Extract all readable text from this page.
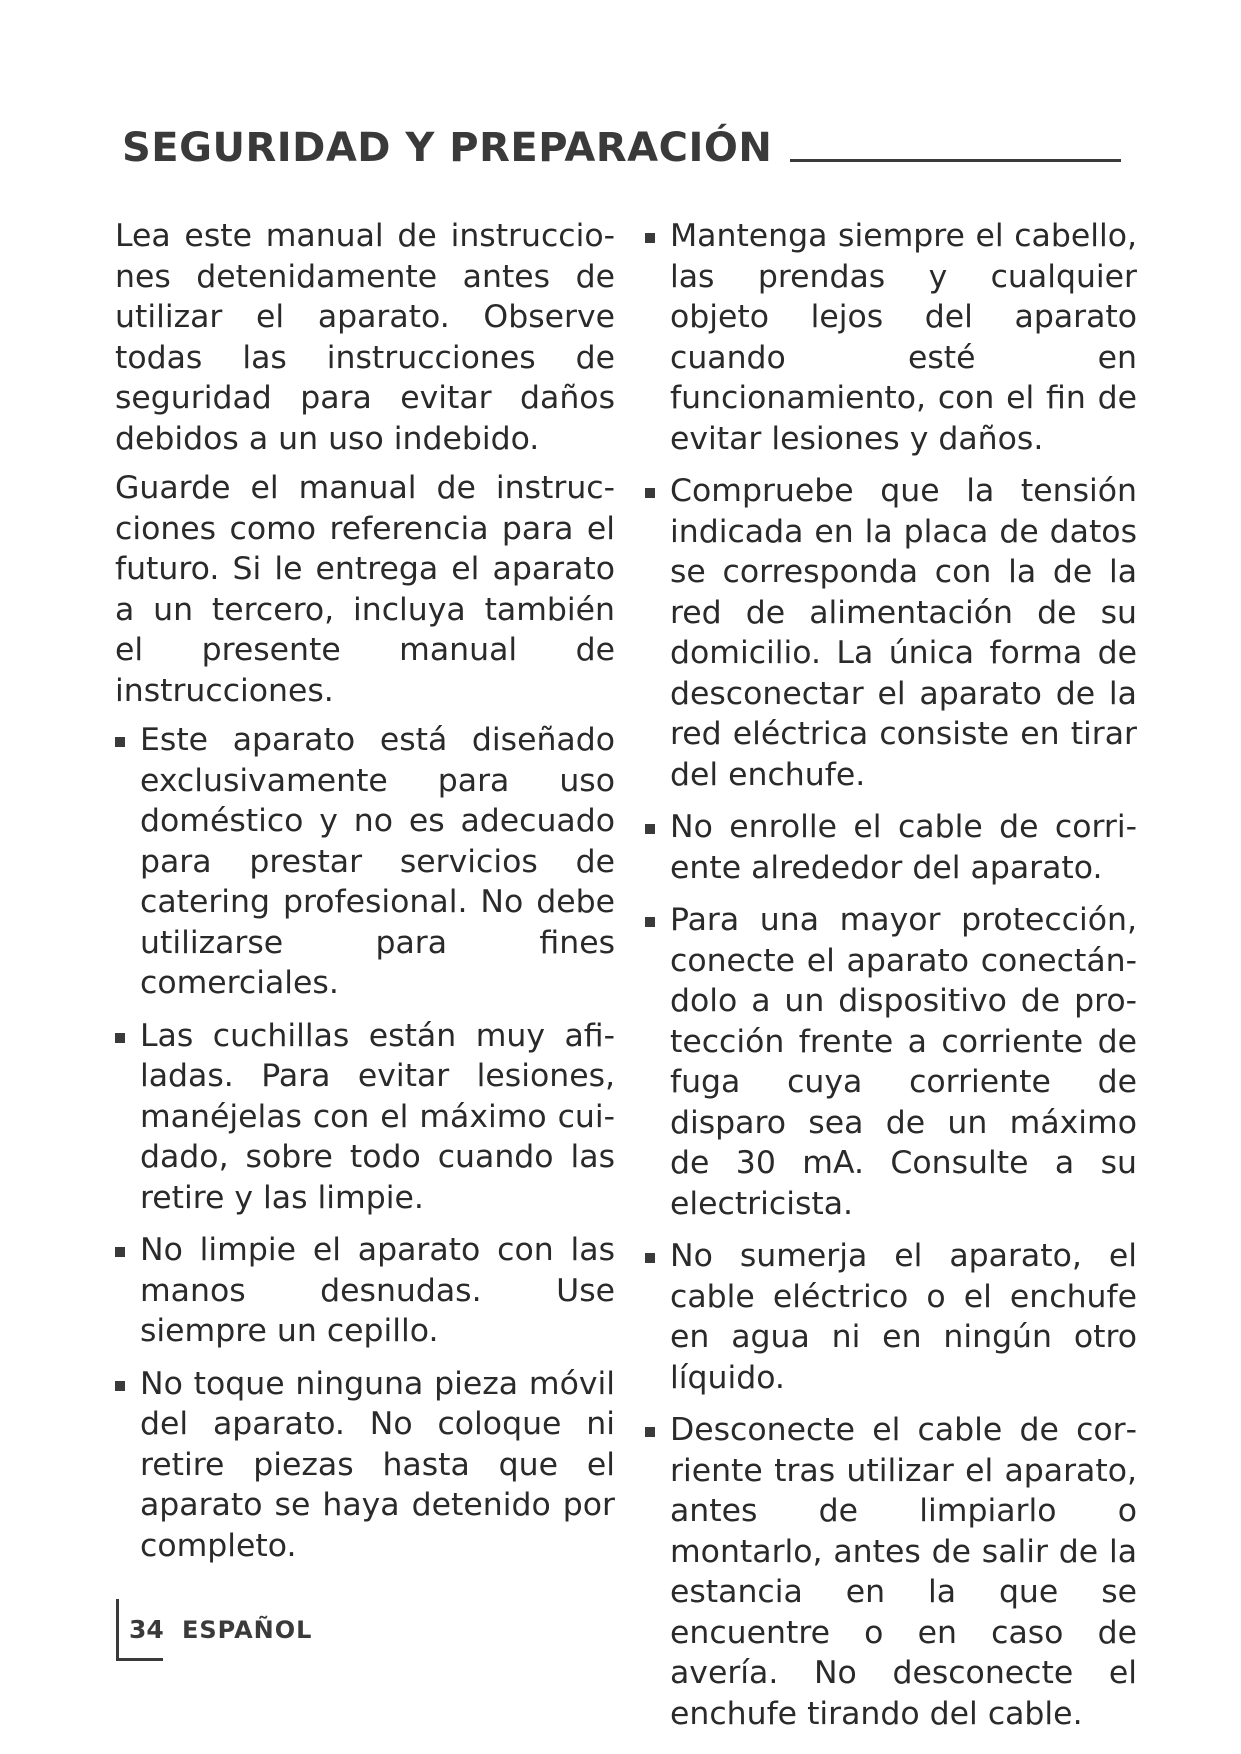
SEGURIDAD Y PREPARACIÓN

Lea este manual de instrucciones detenidamente antes de utilizar el aparato. Observe todas las instrucciones de seguridad para evitar daños debidos a un uso indebido.

Guarde el manual de instrucciones como referencia para el futuro. Si le entrega el aparato a un tercero, incluya también el presente manual de instrucciones.

Este aparato está diseñado exclusivamente para uso doméstico y no es adecuado para prestar servicios de catering profesional. No debe utilizarse para fines comerciales.
Las cuchillas están muy afiladas. Para evitar lesiones, manéjelas con el máximo cuidado, sobre todo cuando las retire y las limpie.
No limpie el aparato con las manos desnudas. Use siempre un cepillo.
No toque ninguna pieza móvil del aparato. No coloque ni retire piezas hasta que el aparato se haya detenido por completo.
Mantenga siempre el cabello, las prendas y cualquier objeto lejos del aparato cuando esté en funcionamiento, con el fin de evitar lesiones y daños.
Compruebe que la tensión indicada en la placa de datos se corresponda con la de la red de alimentación de su domicilio. La única forma de desconectar el aparato de la red eléctrica consiste en tirar del enchufe.
No enrolle el cable de corriente alrededor del aparato.
Para una mayor protección, conecte el aparato conectándolo a un dispositivo de protección frente a corriente de fuga cuya corriente de disparo sea de un máximo de 30 mA. Consulte a su electricista.
No sumerja el aparato, el cable eléctrico o el enchufe en agua ni en ningún otro líquido.
Desconecte el cable de corriente tras utilizar el aparato, antes de limpiarlo o montarlo, antes de salir de la estancia en la que se encuentre o en caso de avería. No desconecte el enchufe tirando del cable.
34 ESPAÑOL
